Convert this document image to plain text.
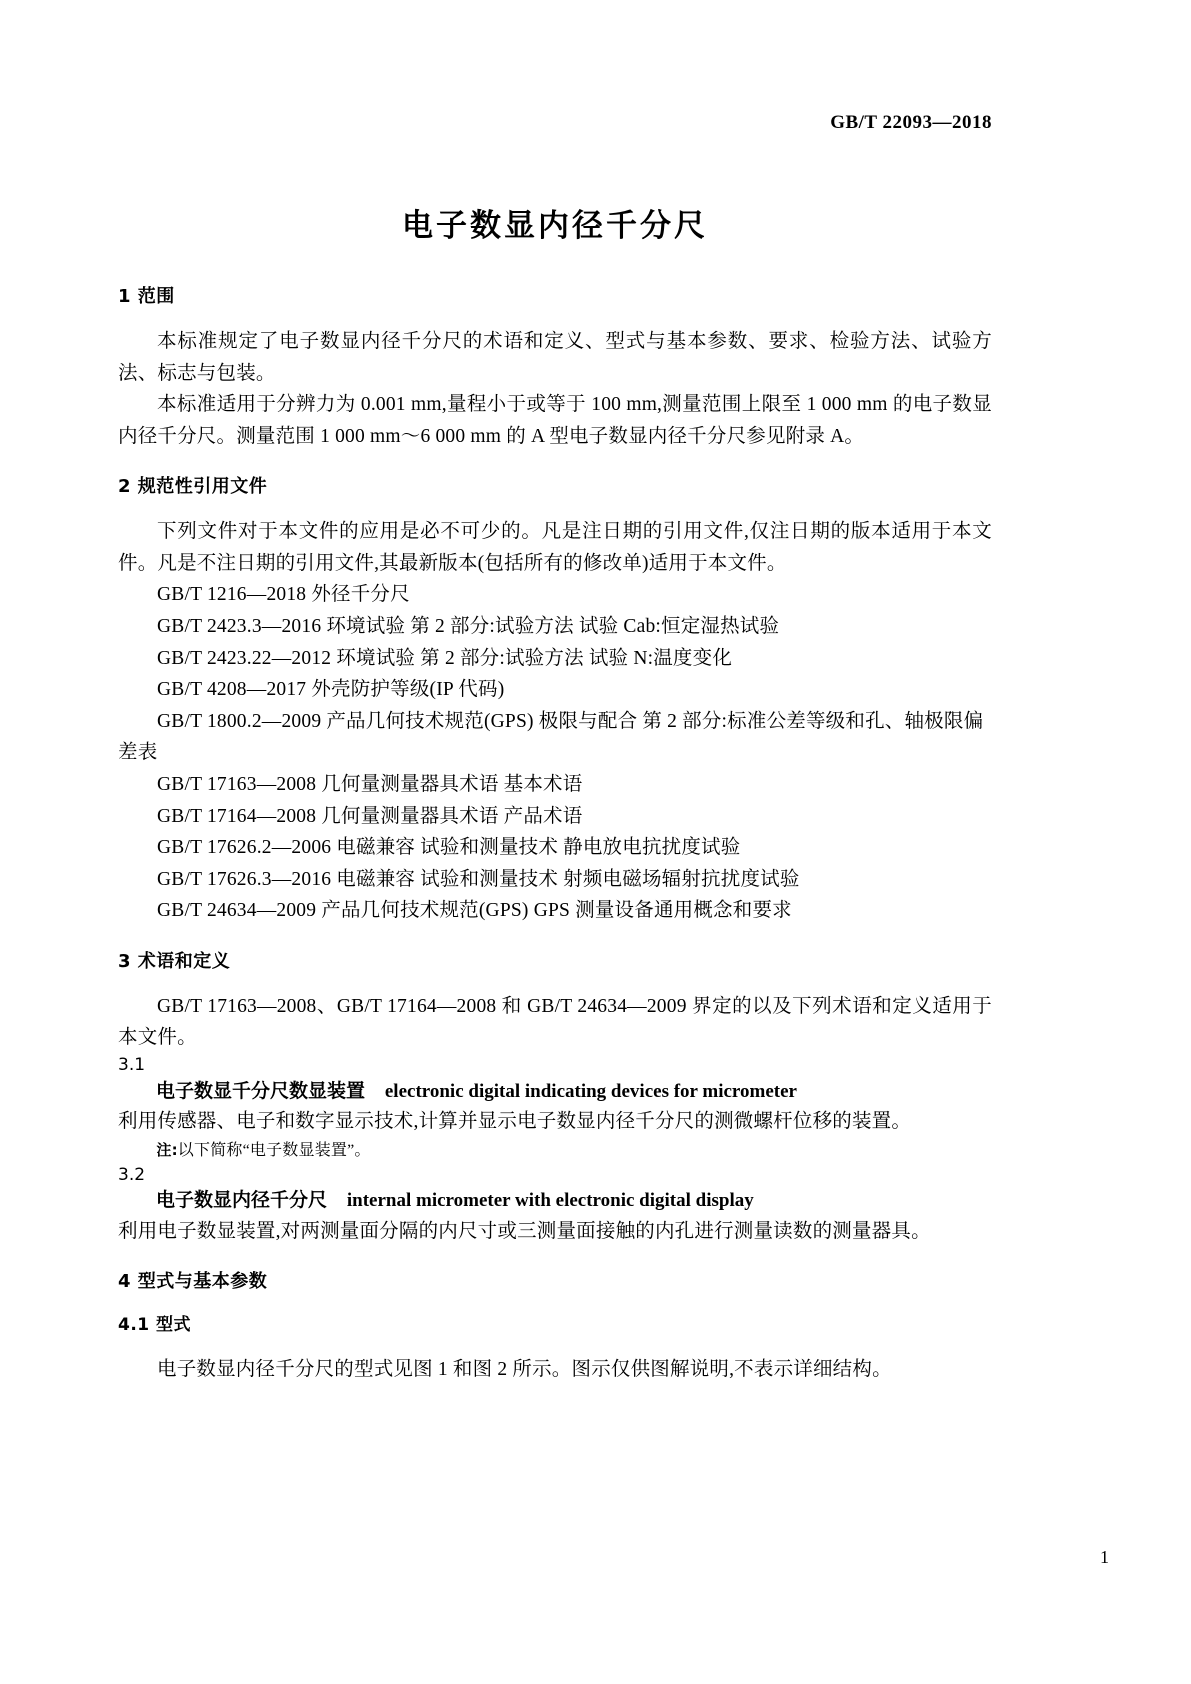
GB/T 22093—2018
电子数显内径千分尺
1 范围

本标准规定了电子数显内径千分尺的术语和定义、型式与基本参数、要求、检验方法、试验方法、标志与包装。

本标准适用于分辨力为 0.001 mm,量程小于或等于 100 mm,测量范围上限至 1 000 mm 的电子数显内径千分尺。测量范围 1 000 mm～6 000 mm 的 A 型电子数显内径千分尺参见附录 A。

2 规范性引用文件

下列文件对于本文件的应用是必不可少的。凡是注日期的引用文件,仅注日期的版本适用于本文件。凡是不注日期的引用文件,其最新版本(包括所有的修改单)适用于本文件。

GB/T 1216—2018 外径千分尺

GB/T 2423.3—2016 环境试验 第 2 部分:试验方法 试验 Cab:恒定湿热试验

GB/T 2423.22—2012 环境试验 第 2 部分:试验方法 试验 N:温度变化

GB/T 4208—2017 外壳防护等级(IP 代码)

GB/T 1800.2—2009 产品几何技术规范(GPS) 极限与配合 第 2 部分:标准公差等级和孔、轴极限偏差表

GB/T 17163—2008 几何量测量器具术语 基本术语

GB/T 17164—2008 几何量测量器具术语 产品术语

GB/T 17626.2—2006 电磁兼容 试验和测量技术 静电放电抗扰度试验

GB/T 17626.3—2016 电磁兼容 试验和测量技术 射频电磁场辐射抗扰度试验

GB/T 24634—2009 产品几何技术规范(GPS) GPS 测量设备通用概念和要求

3 术语和定义

GB/T 17163—2008、GB/T 17164—2008 和 GB/T 24634—2009 界定的以及下列术语和定义适用于本文件。

3.1

电子数显千分尺数显装置 electronic digital indicating devices for micrometer

利用传感器、电子和数字显示技术,计算并显示电子数显内径千分尺的测微螺杆位移的装置。

注:以下简称“电子数显装置”。

3.2

电子数显内径千分尺 internal micrometer with electronic digital display

利用电子数显装置,对两测量面分隔的内尺寸或三测量面接触的内孔进行测量读数的测量器具。

4 型式与基本参数
4.1 型式

电子数显内径千分尺的型式见图 1 和图 2 所示。图示仅供图解说明,不表示详细结构。

1
